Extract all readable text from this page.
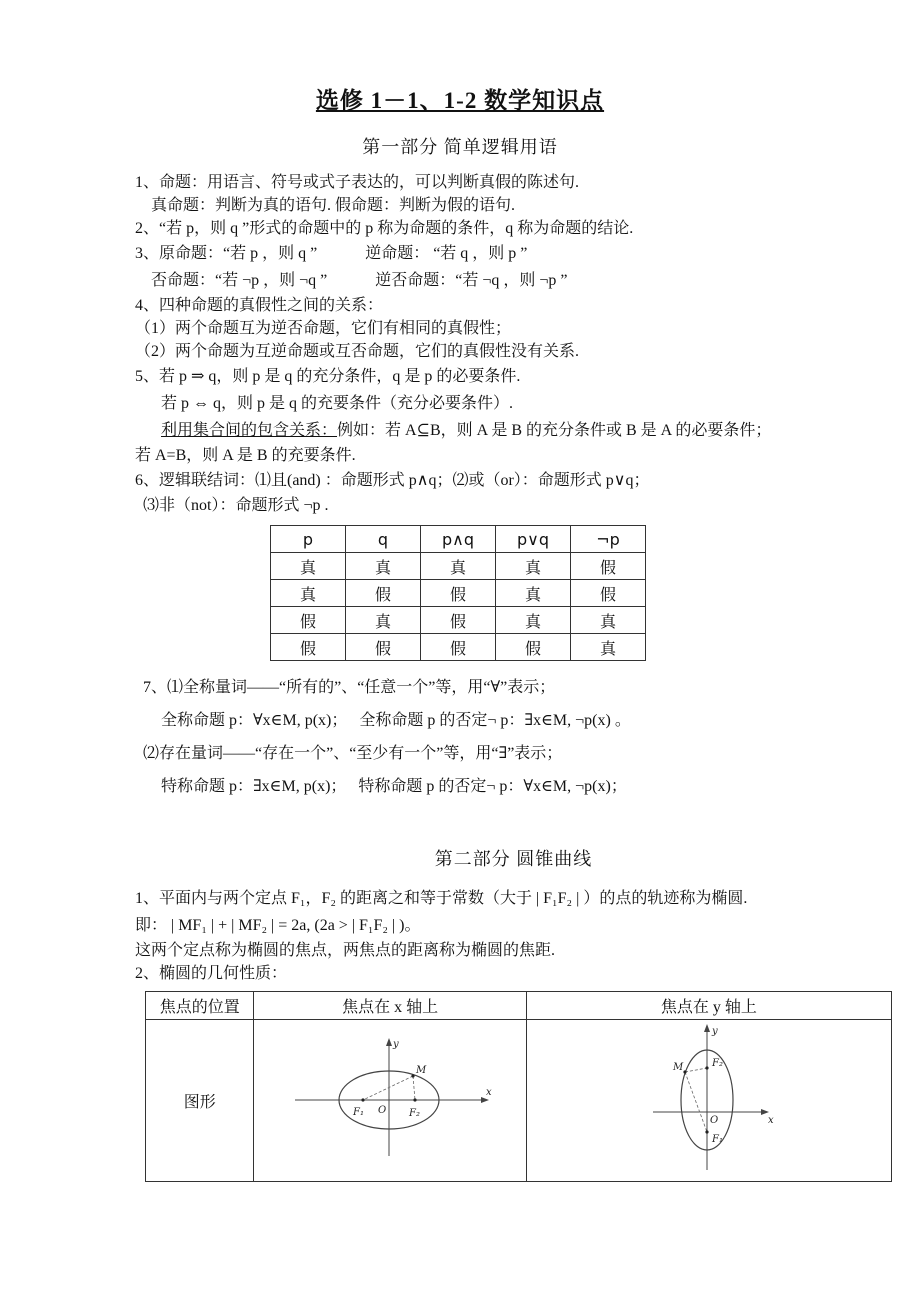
选修 1－1、1-2 数学知识点
第一部分 简单逻辑用语
1、命题：用语言、符号或式子表达的，可以判断真假的陈述句.
真命题：判断为真的语句. 假命题：判断为假的语句.
2、“若 p，则 q ”形式的命题中的 p 称为命题的条件，q 称为命题的结论.
3、原命题：“若 p ，则 q ”　　　逆命题： “若 q ，则 p ”
否命题：“若 ¬p ，则 ¬q ”　　　逆否命题：“若 ¬q ，则 ¬p ”
4、四种命题的真假性之间的关系：
（1）两个命题互为逆否命题，它们有相同的真假性；
（2）两个命题为互逆命题或互否命题，它们的真假性没有关系.
5、若 p ⇒ q，则 p 是 q 的充分条件，q 是 p 的必要条件.
若 p ⇔ q，则 p 是 q 的充要条件（充分必要条件）.
利用集合间的包含关系：例如：若 A⊆B，则 A 是 B 的充分条件或 B 是 A 的必要条件；
若 A=B，则 A 是 B 的充要条件.
6、逻辑联结词：⑴且(and) ：命题形式 p∧q；⑵或（or）：命题形式 p∨q；
⑶非（not）：命题形式 ¬p .
p	q	p∧q	p∨q	¬p
真	真	真	真	假
真	假	假	真	假
假	真	假	真	真
假	假	假	假	真
7、⑴全称量词——“所有的”、“任意一个”等，用“∀”表示；
全称命题 p：∀x∈M, p(x)；　 全称命题 p 的否定¬ p：∃x∈M, ¬p(x) 。
⑵存在量词——“存在一个”、“至少有一个”等，用“∃”表示；
特称命题 p：∃x∈M, p(x)；　 特称命题 p 的否定¬ p：∀x∈M, ¬p(x)；
第二部分 圆锥曲线
1、平面内与两个定点 F₁，F₂ 的距离之和等于常数（大于 | F₁F₂ | ）的点的轨迹称为椭圆.
即： | MF₁ | + | MF₂ | = 2a, (2a > | F₁F₂ | )。
这两个定点称为椭圆的焦点，两焦点的距离称为椭圆的焦距.
2、椭圆的几何性质：
焦点的位置	焦点在 x 轴上	焦点在 y 轴上
图形	
M
O
F₁	F₂
x
y

M	F₂
F₁
O	x
y
